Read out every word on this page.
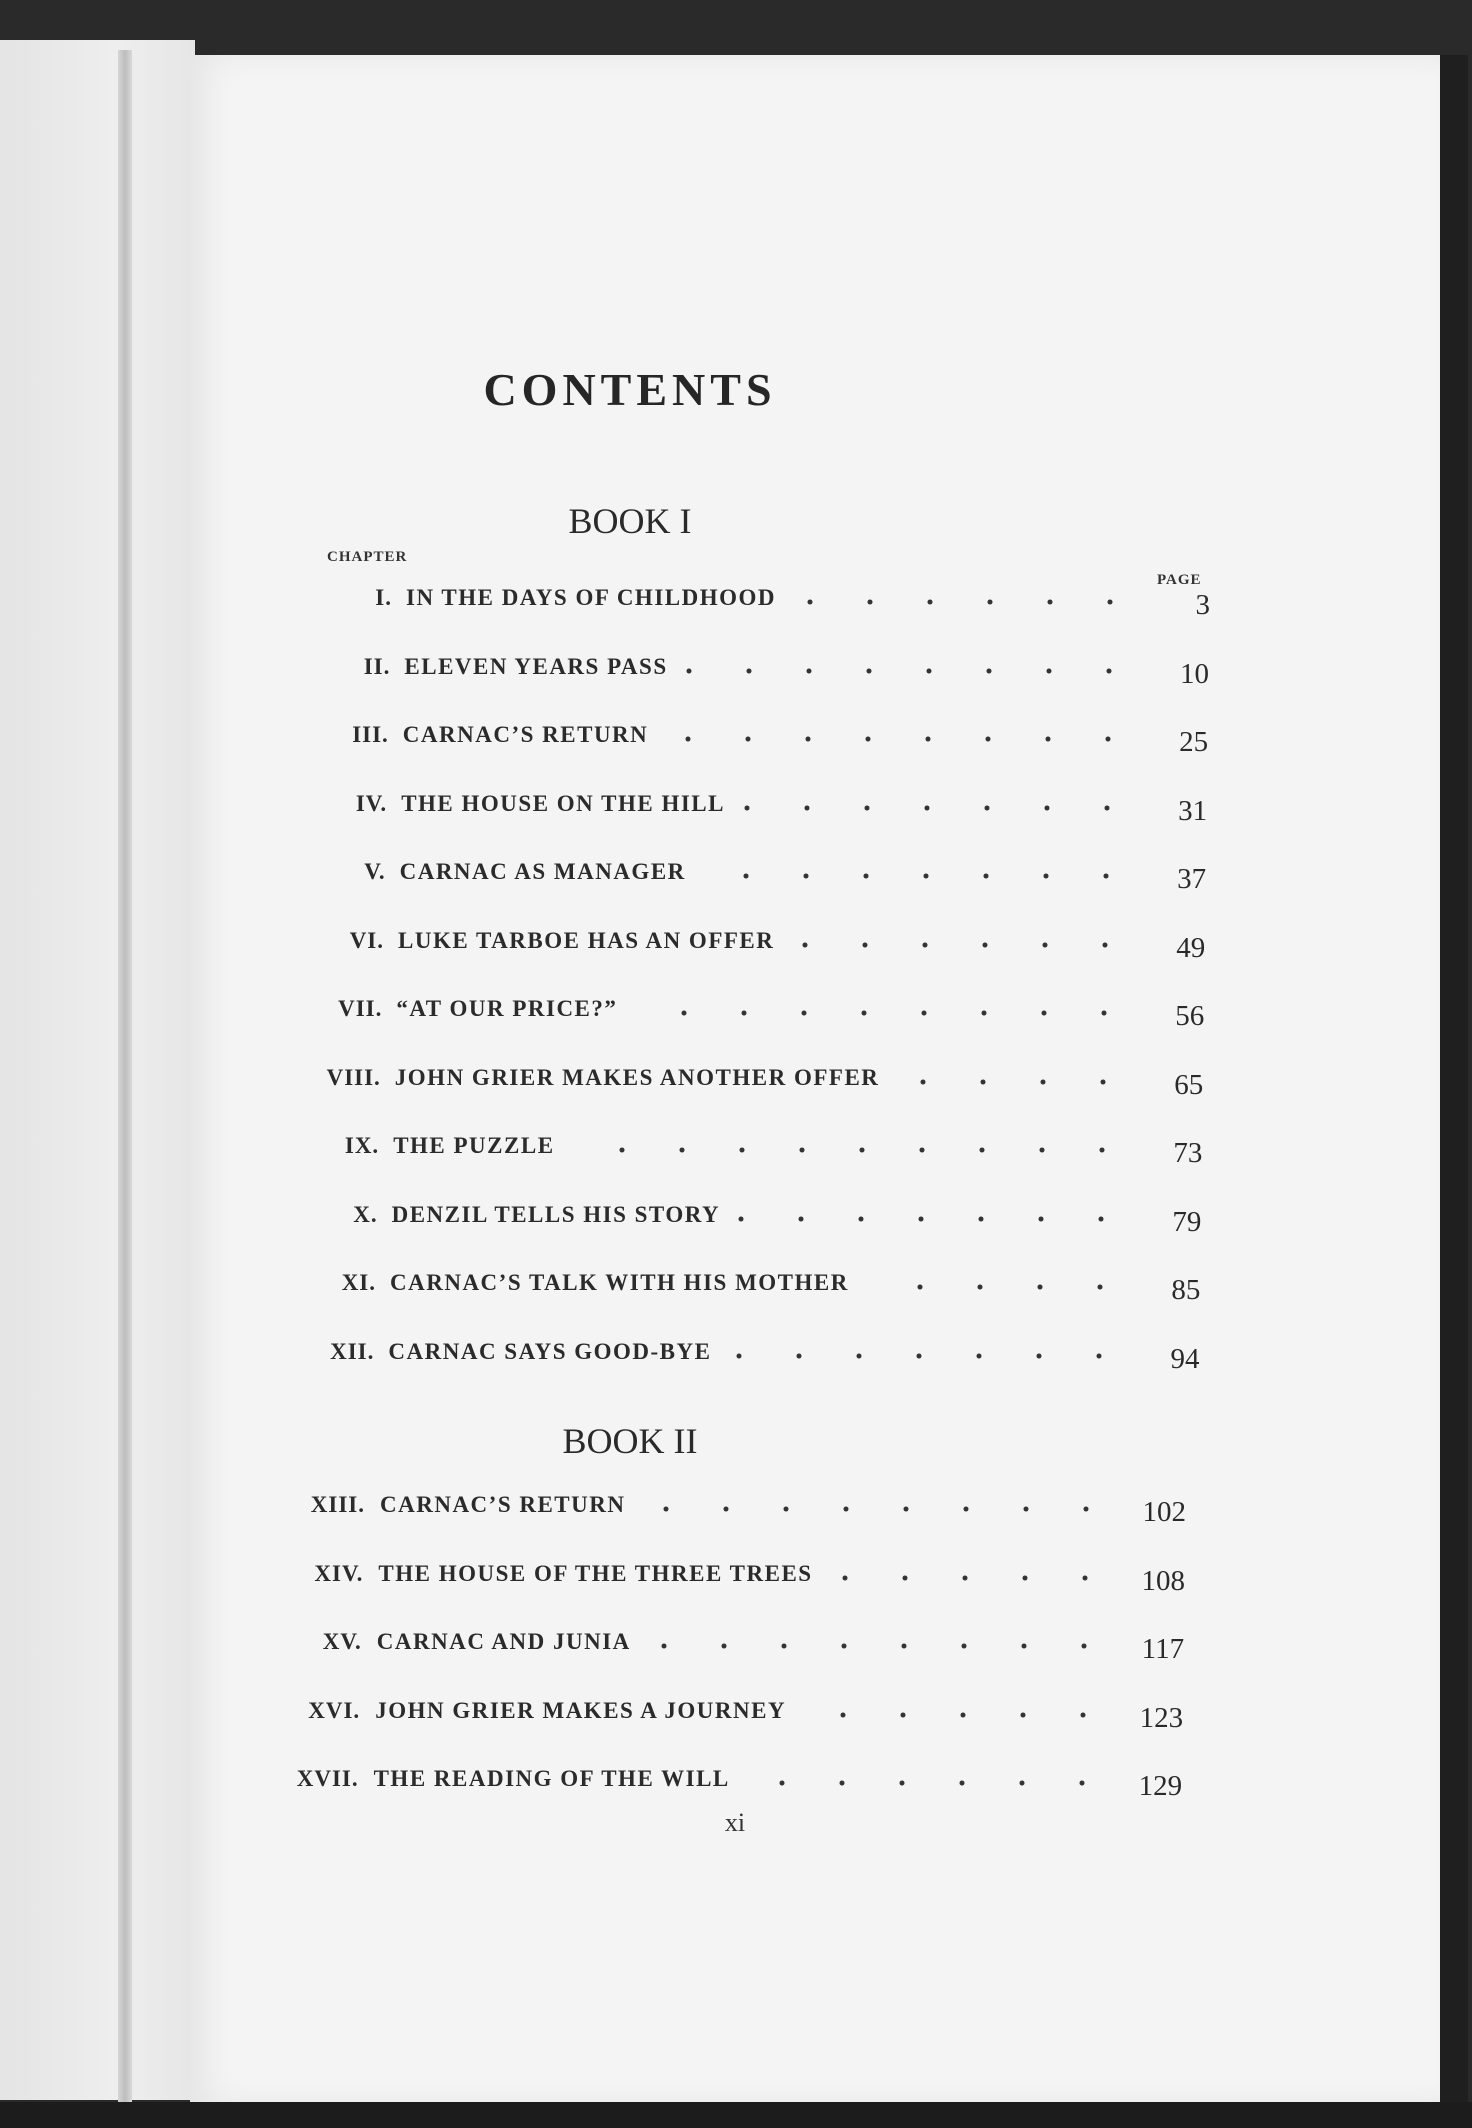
CONTENTS
BOOK I
CHAPTER
PAGE
I. IN THE DAYS OF CHILDHOOD	3
II. ELEVEN YEARS PASS	10
III. CARNAC’S RETURN	25
IV. THE HOUSE ON THE HILL	31
V. CARNAC AS MANAGER	37
VI. LUKE TARBOE HAS AN OFFER	49
VII. “AT OUR PRICE?”	56
VIII. JOHN GRIER MAKES ANOTHER OFFER	65
IX. THE PUZZLE	73
X. DENZIL TELLS HIS STORY	79
XI. CARNAC’S TALK WITH HIS MOTHER	85
XII. CARNAC SAYS GOOD-BYE	94
BOOK II
XIII. CARNAC’S RETURN	102
XIV. THE HOUSE OF THE THREE TREES	108
XV. CARNAC AND JUNIA	117
XVI. JOHN GRIER MAKES A JOURNEY	123
XVII. THE READING OF THE WILL	129
xi
